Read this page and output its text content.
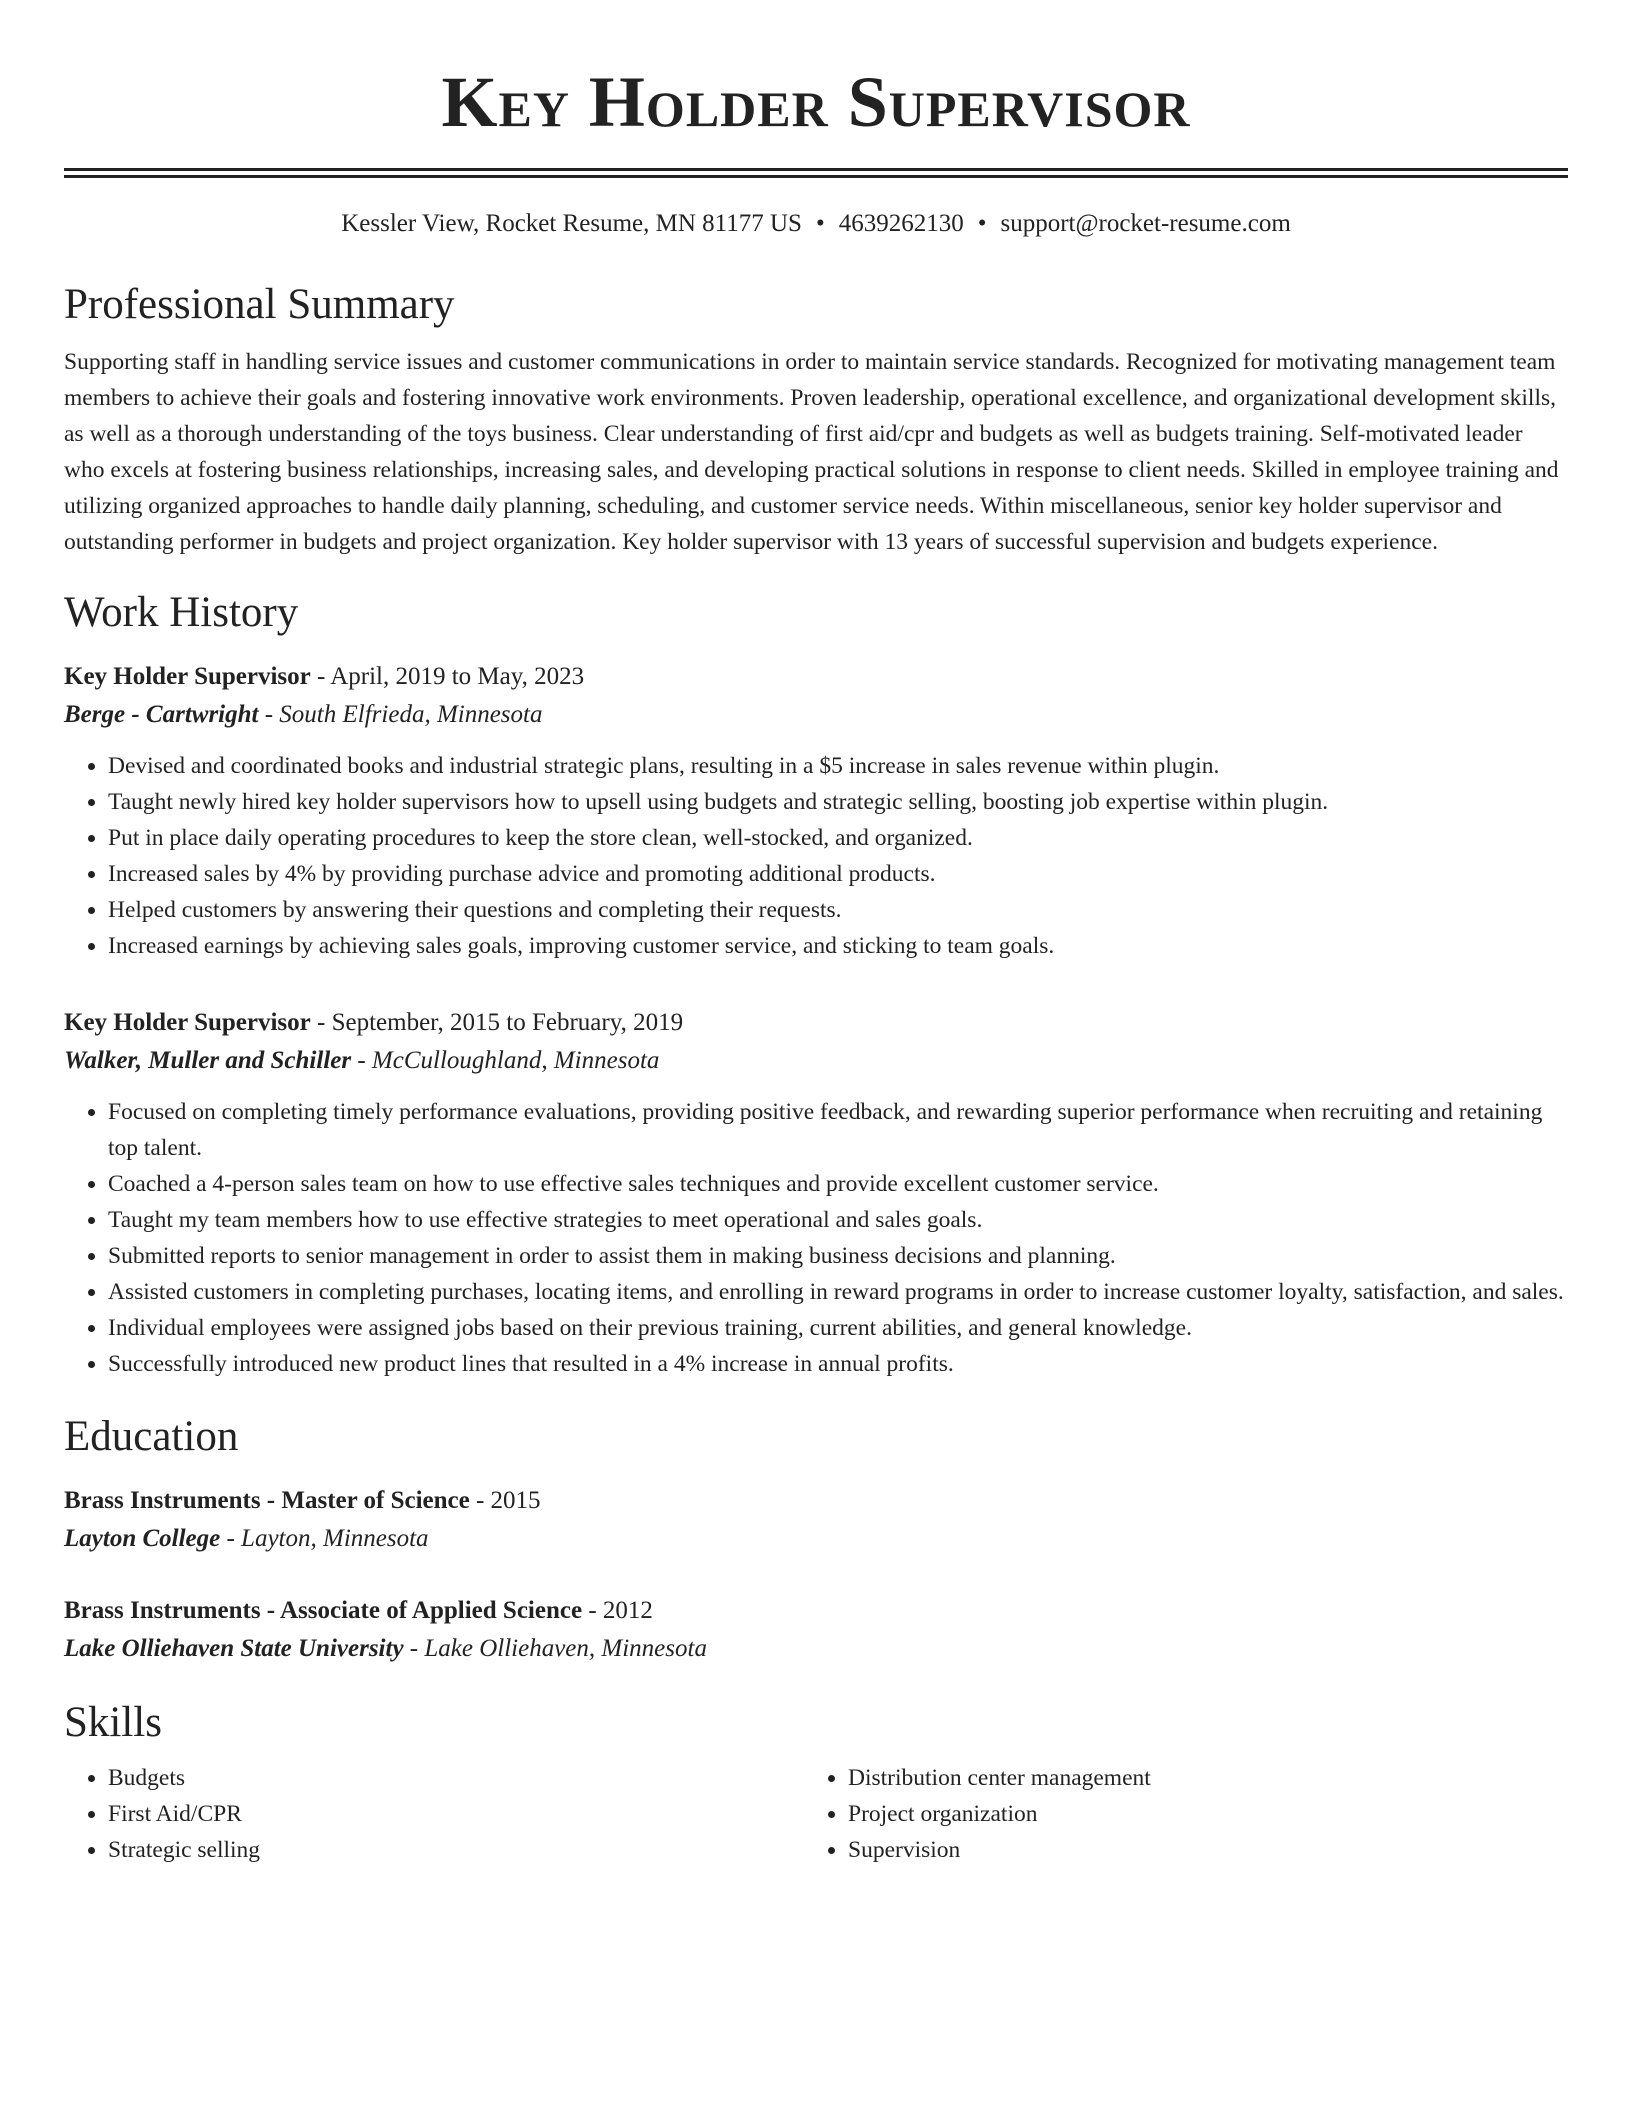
Key Holder Supervisor
Kessler View, Rocket Resume, MN 81177 US • 4639262130 • support@rocket-resume.com
Professional Summary

Supporting staff in handling service issues and customer communications in order to maintain service standards. Recognized for motivating management team members to achieve their goals and fostering innovative work environments. Proven leadership, operational excellence, and organizational development skills, as well as a thorough understanding of the toys business. Clear understanding of first aid/cpr and budgets as well as budgets training. Self-motivated leader who excels at fostering business relationships, increasing sales, and developing practical solutions in response to client needs. Skilled in employee training and utilizing organized approaches to handle daily planning, scheduling, and customer service needs. Within miscellaneous, senior key holder supervisor and outstanding performer in budgets and project organization. Key holder supervisor with 13 years of successful supervision and budgets experience.

Work History
Key Holder Supervisor - April, 2019 to May, 2023
Berge - Cartwright - South Elfrieda, Minnesota
• Devised and coordinated books and industrial strategic plans, resulting in a $5 increase in sales revenue within plugin.
• Taught newly hired key holder supervisors how to upsell using budgets and strategic selling, boosting job expertise within plugin.
• Put in place daily operating procedures to keep the store clean, well-stocked, and organized.
• Increased sales by 4% by providing purchase advice and promoting additional products.
• Helped customers by answering their questions and completing their requests.
• Increased earnings by achieving sales goals, improving customer service, and sticking to team goals.
Key Holder Supervisor - September, 2015 to February, 2019
Walker, Muller and Schiller - McCulloughland, Minnesota
• Focused on completing timely performance evaluations, providing positive feedback, and rewarding superior performance when recruiting and retaining top talent.
• Coached a 4-person sales team on how to use effective sales techniques and provide excellent customer service.
• Taught my team members how to use effective strategies to meet operational and sales goals.
• Submitted reports to senior management in order to assist them in making business decisions and planning.
• Assisted customers in completing purchases, locating items, and enrolling in reward programs in order to increase customer loyalty, satisfaction, and sales.
• Individual employees were assigned jobs based on their previous training, current abilities, and general knowledge.
• Successfully introduced new product lines that resulted in a 4% increase in annual profits.
Education
Brass Instruments - Master of Science - 2015
Layton College - Layton, Minnesota
Brass Instruments - Associate of Applied Science - 2012
Lake Olliehaven State University - Lake Olliehaven, Minnesota
Skills
• Budgets
• First Aid/CPR
• Strategic selling
• Distribution center management
• Project organization
• Supervision
